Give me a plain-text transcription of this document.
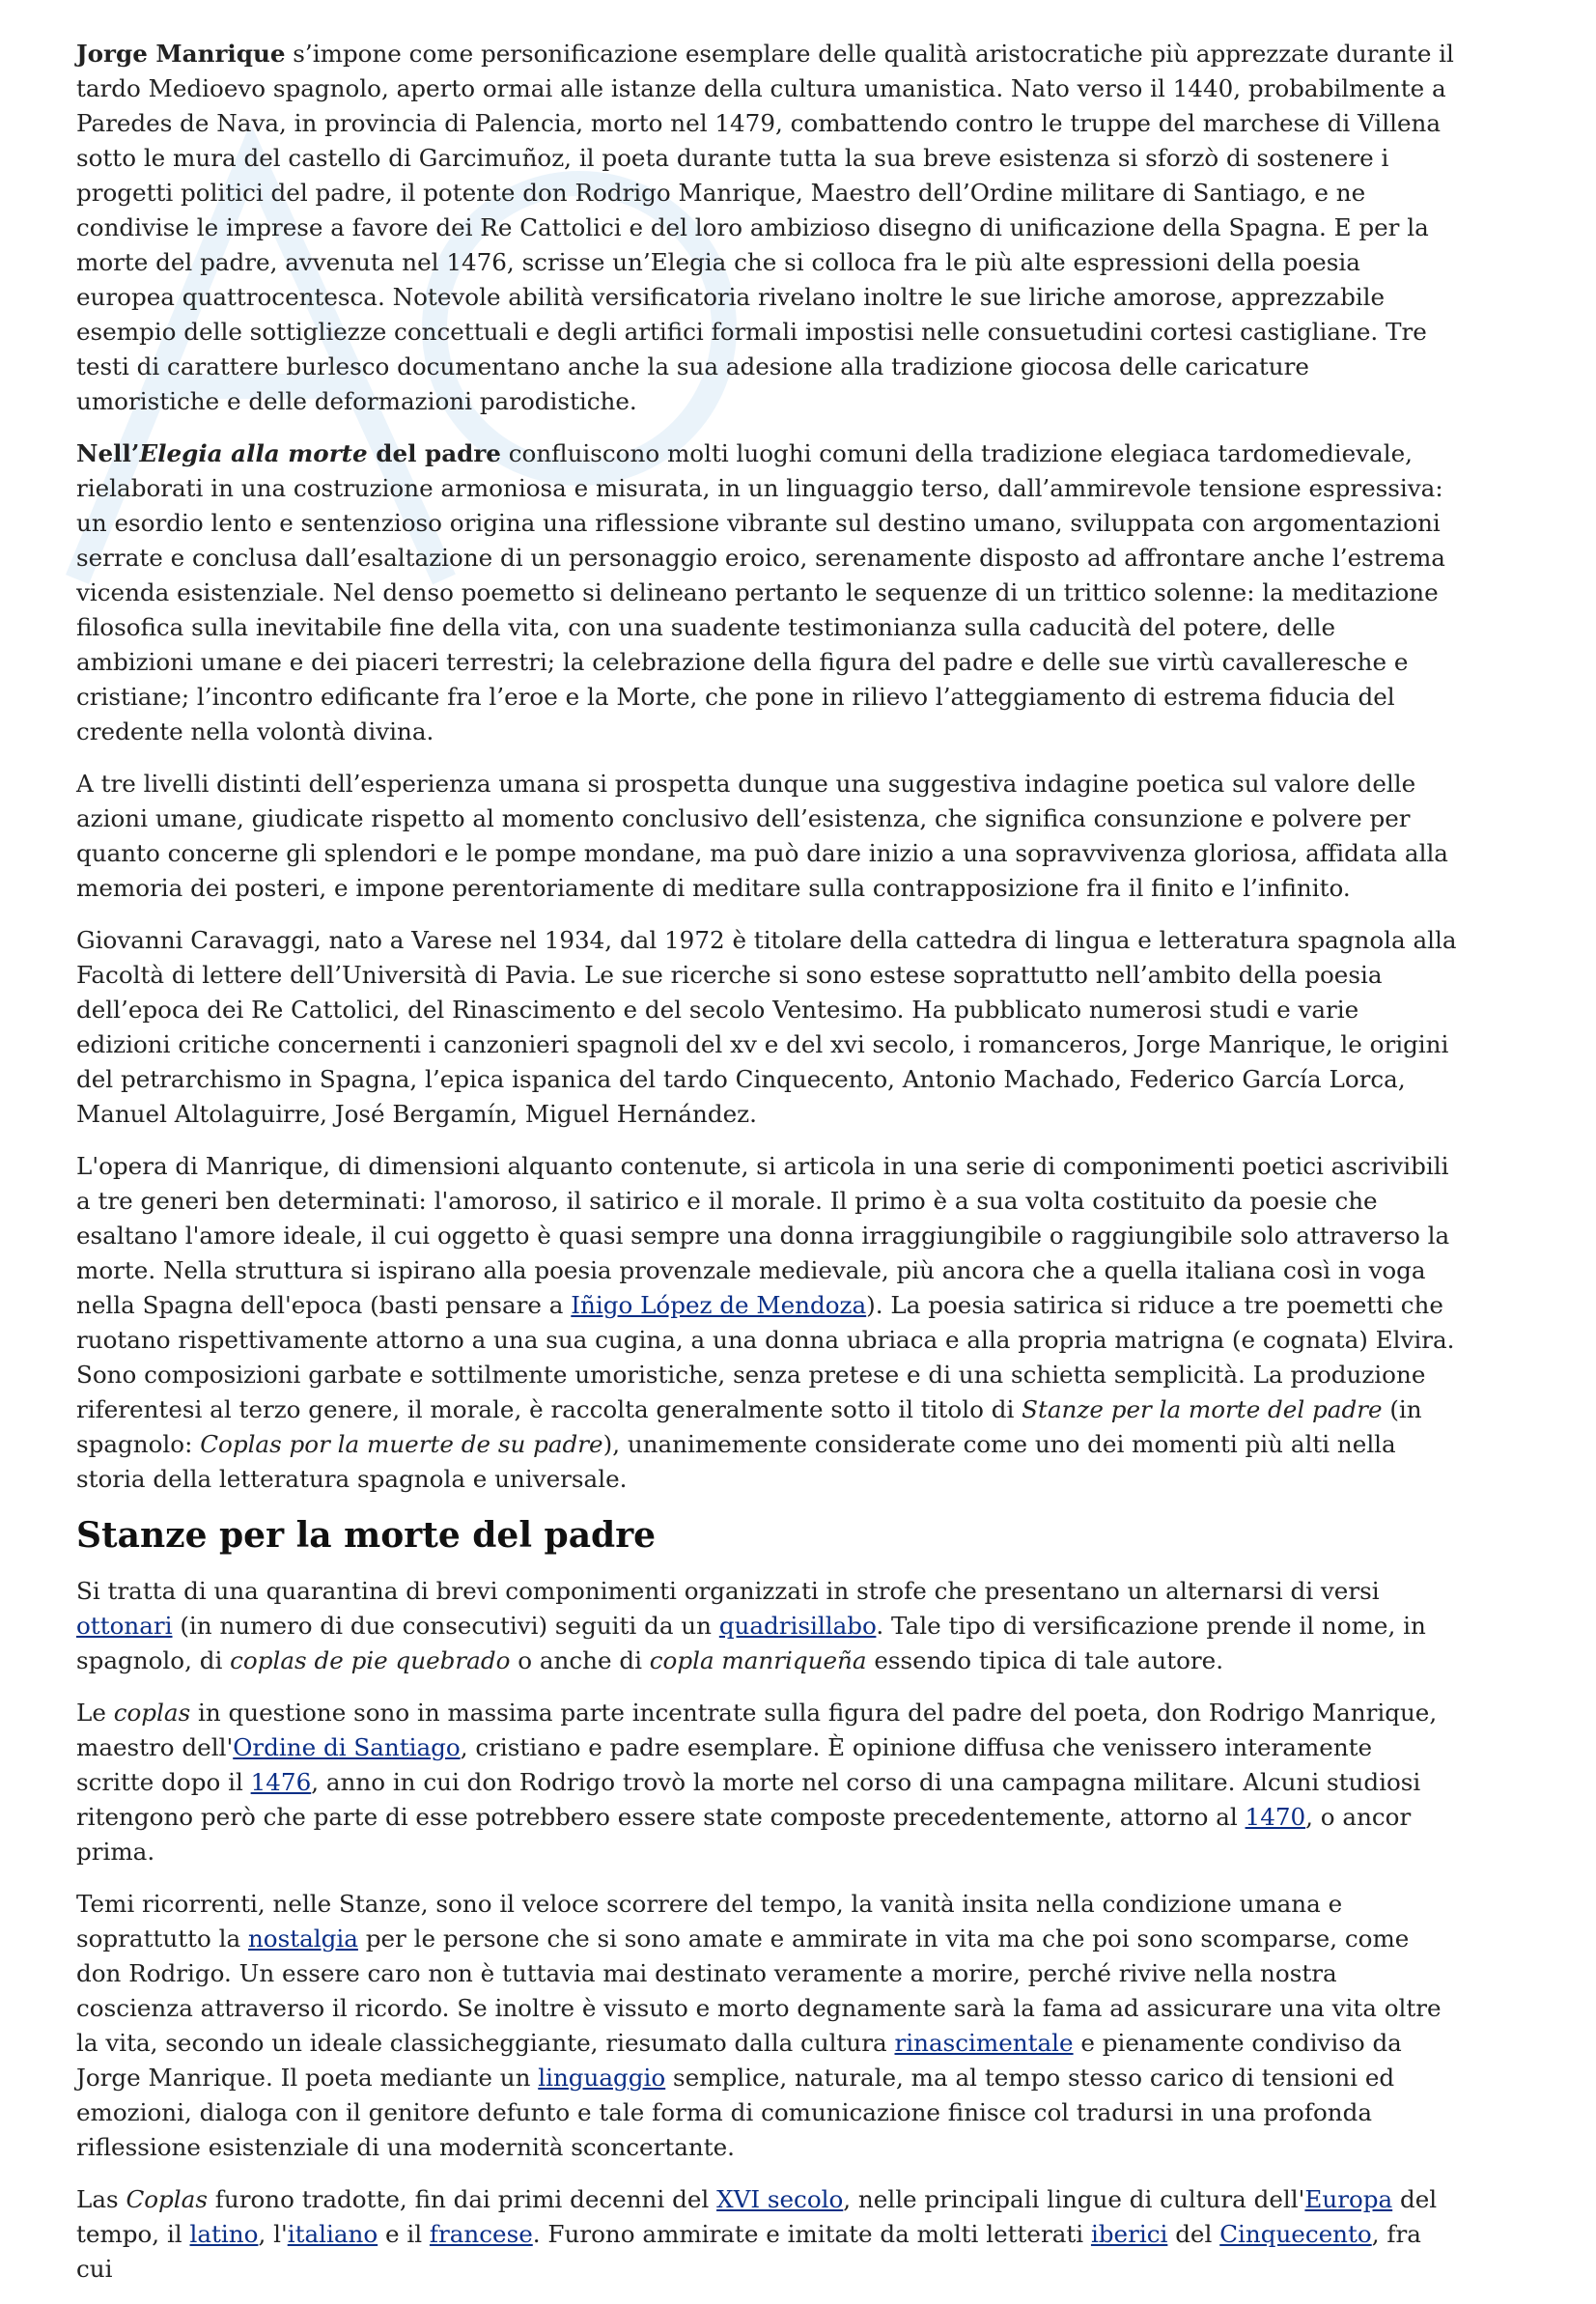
Jorge Manrique s’impone come personificazione esemplare delle qualità aristocratiche più apprezzate durante il tardo Medioevo spagnolo, aperto ormai alle istanze della cultura umanistica. Nato verso il 1440, probabilmente a Paredes de Nava, in provincia di Palencia, morto nel 1479, combattendo contro le truppe del marchese di Villena sotto le mura del castello di Garcimuñoz, il poeta durante tutta la sua breve esistenza si sforzò di sostenere i progetti politici del padre, il potente don Rodrigo Manrique, Maestro dell’Ordine militare di Santiago, e ne condivise le imprese a favore dei Re Cattolici e del loro ambizioso disegno di unificazione della Spagna. E per la morte del padre, avvenuta nel 1476, scrisse un’Elegia che si colloca fra le più alte espressioni della poesia europea quattrocentesca. Notevole abilità versificatoria rivelano inoltre le sue liriche amorose, apprezzabile esempio delle sottigliezze concettuali e degli artifici formali impostisi nelle consuetudini cortesi castigliane. Tre testi di carattere burlesco documentano anche la sua adesione alla tradizione giocosa delle caricature umoristiche e delle deformazioni parodistiche.

Nell’Elegia alla morte del padre confluiscono molti luoghi comuni della tradizione elegiaca tardomedievale, rielaborati in una costruzione armoniosa e misurata, in un linguaggio terso, dall’ammirevole tensione espressiva: un esordio lento e sentenzioso origina una riflessione vibrante sul destino umano, sviluppata con argomentazioni serrate e conclusa dall’esaltazione di un personaggio eroico, serenamente disposto ad affrontare anche l’estrema vicenda esistenziale. Nel denso poemetto si delineano pertanto le sequenze di un trittico solenne: la meditazione filosofica sulla inevitabile fine della vita, con una suadente testimonianza sulla caducità del potere, delle ambizioni umane e dei piaceri terrestri; la celebrazione della figura del padre e delle sue virtù cavalleresche e cristiane; l’incontro edificante fra l’eroe e la Morte, che pone in rilievo l’atteggiamento di estrema fiducia del credente nella volontà divina.

A tre livelli distinti dell’esperienza umana si prospetta dunque una suggestiva indagine poetica sul valore delle azioni umane, giudicate rispetto al momento conclusivo dell’esistenza, che significa consunzione e polvere per quanto concerne gli splendori e le pompe mondane, ma può dare inizio a una sopravvivenza gloriosa, affidata alla memoria dei posteri, e impone perentoriamente di meditare sulla contrapposizione fra il finito e l’infinito.

Giovanni Caravaggi, nato a Varese nel 1934, dal 1972 è titolare della cattedra di lingua e letteratura spagnola alla Facoltà di lettere dell’Università di Pavia. Le sue ricerche si sono estese soprattutto nell’ambito della poesia dell’epoca dei Re Cattolici, del Rinascimento e del secolo Ventesimo. Ha pubblicato numerosi studi e varie edizioni critiche concernenti i canzonieri spagnoli del xv e del xvi secolo, i romanceros, Jorge Manrique, le origini del petrarchismo in Spagna, l’epica ispanica del tardo Cinquecento, Antonio Machado, Federico García Lorca, Manuel Altolaguirre, José Bergamín, Miguel Hernández.

L'opera di Manrique, di dimensioni alquanto contenute, si articola in una serie di componimenti poetici ascrivibili a tre generi ben determinati: l'amoroso, il satirico e il morale. Il primo è a sua volta costituito da poesie che esaltano l'amore ideale, il cui oggetto è quasi sempre una donna irraggiungibile o raggiungibile solo attraverso la morte. Nella struttura si ispirano alla poesia provenzale medievale, più ancora che a quella italiana così in voga nella Spagna dell'epoca (basti pensare a Iñigo López de Mendoza). La poesia satirica si riduce a tre poemetti che ruotano rispettivamente attorno a una sua cugina, a una donna ubriaca e alla propria matrigna (e cognata) Elvira. Sono composizioni garbate e sottilmente umoristiche, senza pretese e di una schietta semplicità. La produzione riferentesi al terzo genere, il morale, è raccolta generalmente sotto il titolo di Stanze per la morte del padre (in spagnolo: Coplas por la muerte de su padre), unanimemente considerate come uno dei momenti più alti nella storia della letteratura spagnola e universale.

Stanze per la morte del padre

Si tratta di una quarantina di brevi componimenti organizzati in strofe che presentano un alternarsi di versi ottonari (in numero di due consecutivi) seguiti da un quadrisillabo. Tale tipo di versificazione prende il nome, in spagnolo, di coplas de pie quebrado o anche di copla manriqueña essendo tipica di tale autore.

Le coplas in questione sono in massima parte incentrate sulla figura del padre del poeta, don Rodrigo Manrique, maestro dell'Ordine di Santiago, cristiano e padre esemplare. È opinione diffusa che venissero interamente scritte dopo il 1476, anno in cui don Rodrigo trovò la morte nel corso di una campagna militare. Alcuni studiosi ritengono però che parte di esse potrebbero essere state composte precedentemente, attorno al 1470, o ancor prima.

Temi ricorrenti, nelle Stanze, sono il veloce scorrere del tempo, la vanità insita nella condizione umana e soprattutto la nostalgia per le persone che si sono amate e ammirate in vita ma che poi sono scomparse, come don Rodrigo. Un essere caro non è tuttavia mai destinato veramente a morire, perché rivive nella nostra coscienza attraverso il ricordo. Se inoltre è vissuto e morto degnamente sarà la fama ad assicurare una vita oltre la vita, secondo un ideale classicheggiante, riesumato dalla cultura rinascimentale e pienamente condiviso da Jorge Manrique. Il poeta mediante un linguaggio semplice, naturale, ma al tempo stesso carico di tensioni ed emozioni, dialoga con il genitore defunto e tale forma di comunicazione finisce col tradursi in una profonda riflessione esistenziale di una modernità sconcertante.

Las Coplas furono tradotte, fin dai primi decenni del XVI secolo, nelle principali lingue di cultura dell'Europa del tempo, il latino, l'italiano e il francese. Furono ammirate e imitate da molti letterati iberici del Cinquecento, fra cui
